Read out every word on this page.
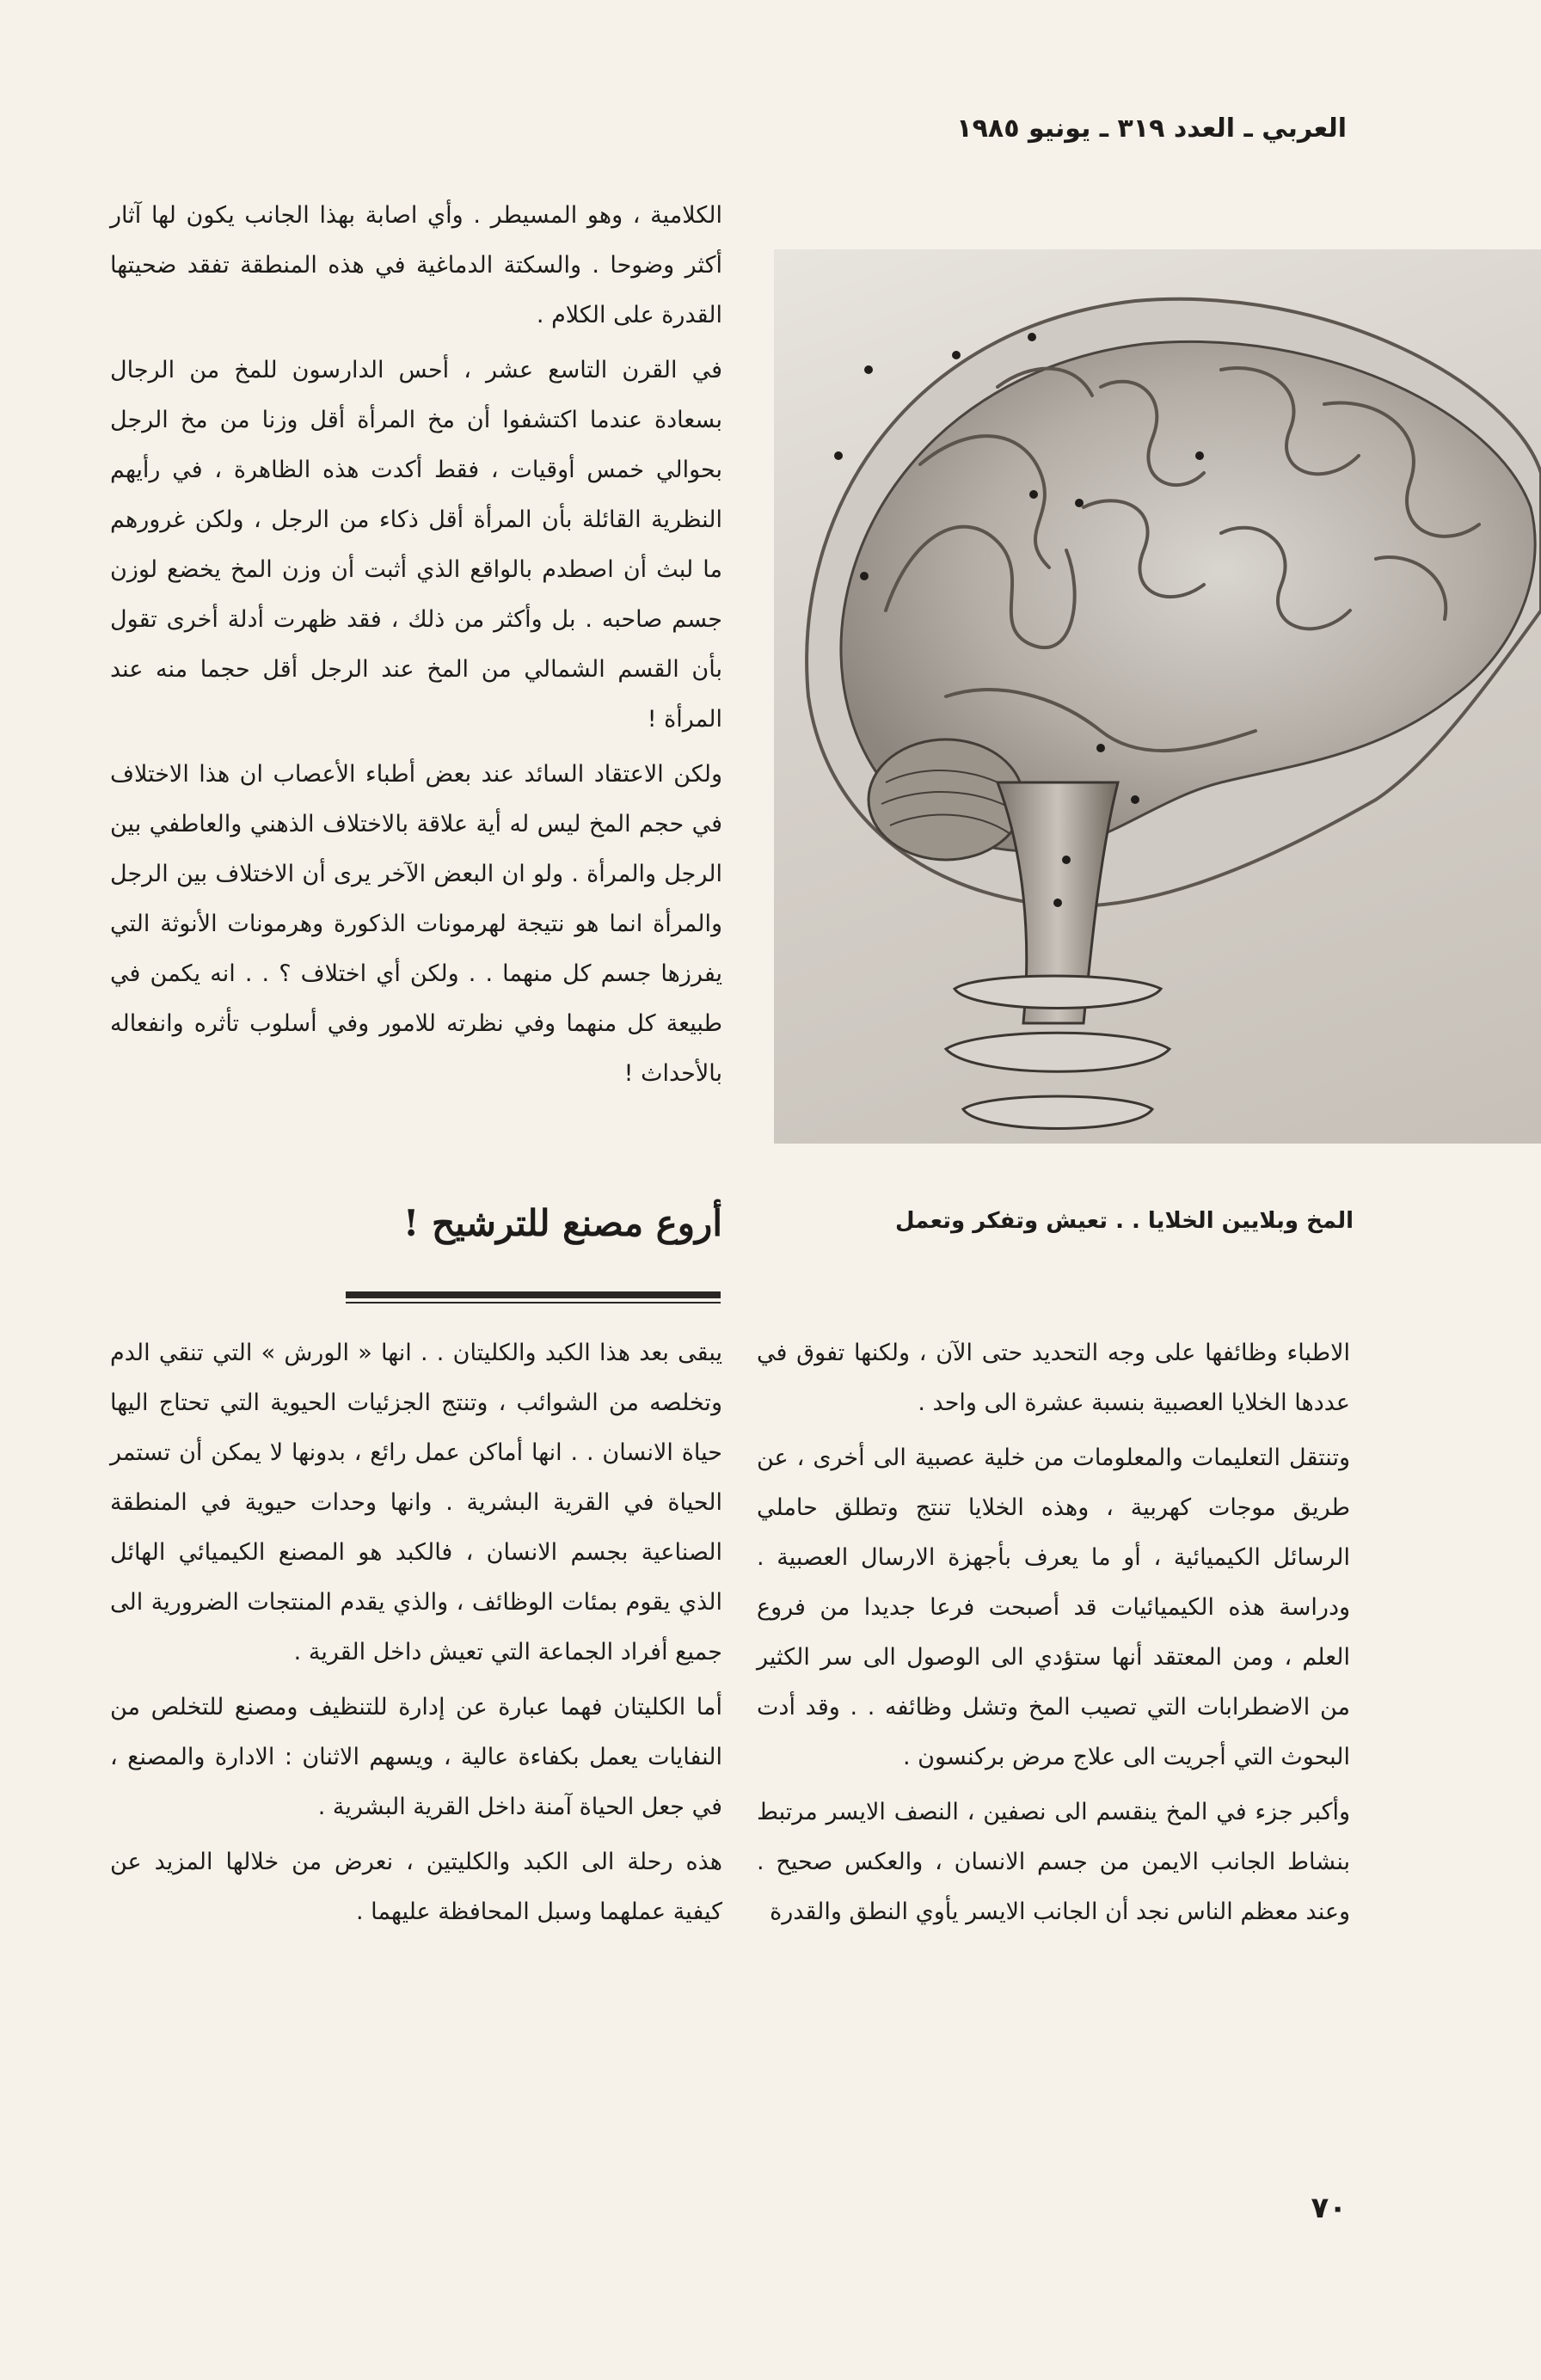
العربي ـ العدد ٣١٩ ـ يونيو ١٩٨٥

الكلامية ، وهو المسيطر . وأي اصابة بهذا الجانب يكون لها آثار أكثر وضوحا . والسكتة الدماغية في هذه المنطقة تفقد ضحيتها القدرة على الكلام .

في القرن التاسع عشر ، أحس الدارسون للمخ من الرجال بسعادة عندما اكتشفوا أن مخ المرأة أقل وزنا من مخ الرجل بحوالي خمس أوقيات ، فقط أكدت هذه الظاهرة ، في رأيهم النظرية القائلة بأن المرأة أقل ذكاء من الرجل ، ولكن غرورهم ما لبث أن اصطدم بالواقع الذي أثبت أن وزن المخ يخضع لوزن جسم صاحبه . بل وأكثر من ذلك ، فقد ظهرت أدلة أخرى تقول بأن القسم الشمالي من المخ عند الرجل أقل حجما منه عند المرأة !

ولكن الاعتقاد السائد عند بعض أطباء الأعصاب ان هذا الاختلاف في حجم المخ ليس له أية علاقة بالاختلاف الذهني والعاطفي بين الرجل والمرأة . ولو ان البعض الآخر يرى أن الاختلاف بين الرجل والمرأة انما هو نتيجة لهرمونات الذكورة وهرمونات الأنوثة التي يفرزها جسم كل منهما . . ولكن أي اختلاف ؟ . . انه يكمن في طبيعة كل منهما وفي نظرته للامور وفي أسلوب تأثره وانفعاله بالأحداث !

المخ وبلايين الخلايا . . تعيش وتفكر وتعمل
أروع مصنع للترشيح !

يبقى بعد هذا الكبد والكليتان . . انها « الورش » التي تنقي الدم وتخلصه من الشوائب ، وتنتج الجزئيات الحيوية التي تحتاج اليها حياة الانسان . . انها أماكن عمل رائع ، بدونها لا يمكن أن تستمر الحياة في القرية البشرية . وانها وحدات حيوية في المنطقة الصناعية بجسم الانسان ، فالكبد هو المصنع الكيميائي الهائل الذي يقوم بمئات الوظائف ، والذي يقدم المنتجات الضرورية الى جميع أفراد الجماعة التي تعيش داخل القرية .

أما الكليتان فهما عبارة عن إدارة للتنظيف ومصنع للتخلص من النفايات يعمل بكفاءة عالية ، ويسهم الاثنان : الادارة والمصنع ، في جعل الحياة آمنة داخل القرية البشرية .

هذه رحلة الى الكبد والكليتين ، نعرض من خلالها المزيد عن كيفية عملهما وسبل المحافظة عليهما .

الاطباء وظائفها على وجه التحديد حتى الآن ، ولكنها تفوق في عددها الخلايا العصبية بنسبة عشرة الى واحد .

وتنتقل التعليمات والمعلومات من خلية عصبية الى أخرى ، عن طريق موجات كهربية ، وهذه الخلايا تنتج وتطلق حاملي الرسائل الكيميائية ، أو ما يعرف بأجهزة الارسال العصبية . ودراسة هذه الكيميائيات قد أصبحت فرعا جديدا من فروع العلم ، ومن المعتقد أنها ستؤدي الى الوصول الى سر الكثير من الاضطرابات التي تصيب المخ وتشل وظائفه . . وقد أدت البحوث التي أجريت الى علاج مرض بركنسون .

وأكبر جزء في المخ ينقسم الى نصفين ، النصف الايسر مرتبط بنشاط الجانب الايمن من جسم الانسان ، والعكس صحيح . وعند معظم الناس نجد أن الجانب الايسر يأوي النطق والقدرة

٧٠
